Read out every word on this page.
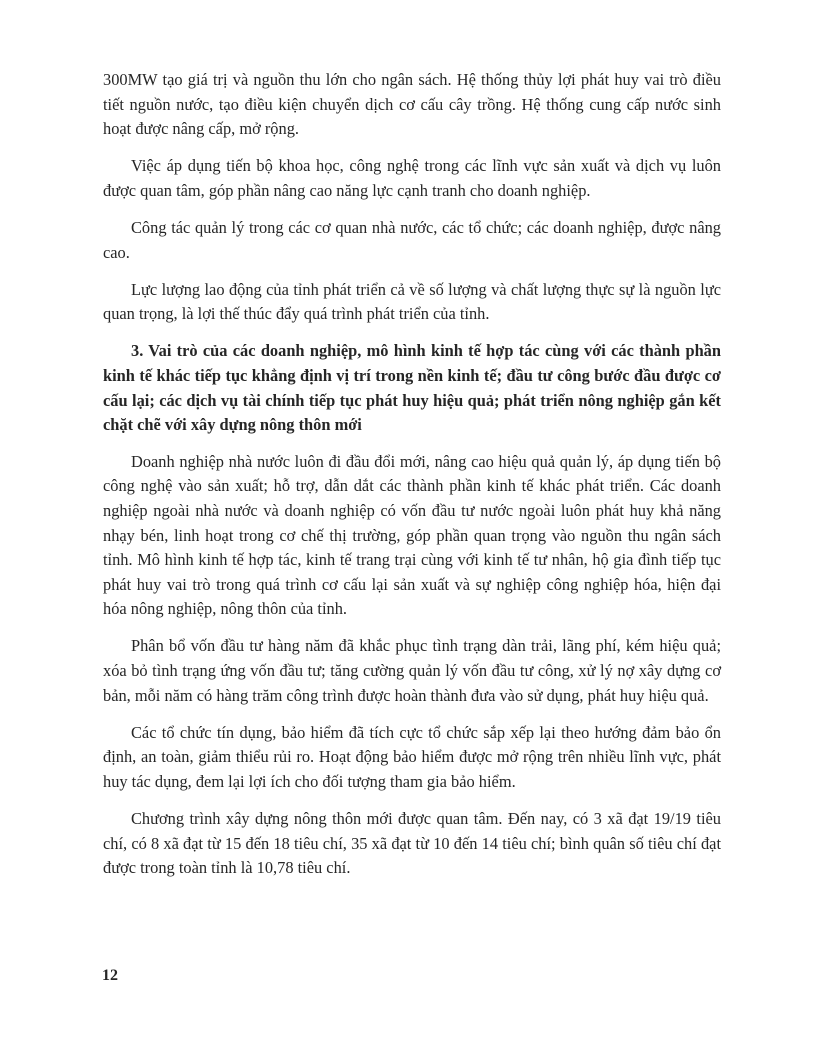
300MW tạo giá trị và nguồn thu lớn cho ngân sách. Hệ thống thủy lợi phát huy vai trò điều tiết nguồn nước, tạo điều kiện chuyển dịch cơ cấu cây trồng. Hệ thống cung cấp nước sinh hoạt được nâng cấp, mở rộng.

Việc áp dụng tiến bộ khoa học, công nghệ trong các lĩnh vực sản xuất và dịch vụ luôn được quan tâm, góp phần nâng cao năng lực cạnh tranh cho doanh nghiệp.

Công tác quản lý trong các cơ quan nhà nước, các tổ chức; các doanh nghiệp, được nâng cao.

Lực lượng lao động của tỉnh phát triển cả về số lượng và chất lượng thực sự là nguồn lực quan trọng, là lợi thế thúc đẩy quá trình phát triển của tỉnh.

3. Vai trò của các doanh nghiệp, mô hình kinh tế hợp tác cùng với các thành phần kinh tế khác tiếp tục khẳng định vị trí trong nền kinh tế; đầu tư công bước đầu được cơ cấu lại; các dịch vụ tài chính tiếp tục phát huy hiệu quả; phát triển nông nghiệp gắn kết chặt chẽ với xây dựng nông thôn mới

Doanh nghiệp nhà nước luôn đi đầu đổi mới, nâng cao hiệu quả quản lý, áp dụng tiến bộ công nghệ vào sản xuất; hỗ trợ, dẫn dắt các thành phần kinh tế khác phát triển. Các doanh nghiệp ngoài nhà nước và doanh nghiệp có vốn đầu tư nước ngoài luôn phát huy khả năng nhạy bén, linh hoạt trong cơ chế thị trường, góp phần quan trọng vào nguồn thu ngân sách tỉnh. Mô hình kinh tế hợp tác, kinh tế trang trại cùng với kinh tế tư nhân, hộ gia đình tiếp tục phát huy vai trò trong quá trình cơ cấu lại sản xuất và sự nghiệp công nghiệp hóa, hiện đại hóa nông nghiệp, nông thôn của tỉnh.

Phân bổ vốn đầu tư hàng năm đã khắc phục tình trạng dàn trải, lãng phí, kém hiệu quả; xóa bỏ tình trạng ứng vốn đầu tư; tăng cường quản lý vốn đầu tư công, xử lý nợ xây dựng cơ bản, mỗi năm có hàng trăm công trình được hoàn thành đưa vào sử dụng, phát huy hiệu quả.

Các tổ chức tín dụng, bảo hiểm đã tích cực tổ chức sắp xếp lại theo hướng đảm bảo ổn định, an toàn, giảm thiểu rủi ro. Hoạt động bảo hiểm được mở rộng trên nhiều lĩnh vực, phát huy tác dụng, đem lại lợi ích cho đối tượng tham gia bảo hiểm.

Chương trình xây dựng nông thôn mới được quan tâm. Đến nay, có 3 xã đạt 19/19 tiêu chí, có 8 xã đạt từ 15 đến 18 tiêu chí, 35 xã đạt từ 10 đến 14 tiêu chí; bình quân số tiêu chí đạt được trong toàn tỉnh là 10,78 tiêu chí.

12
